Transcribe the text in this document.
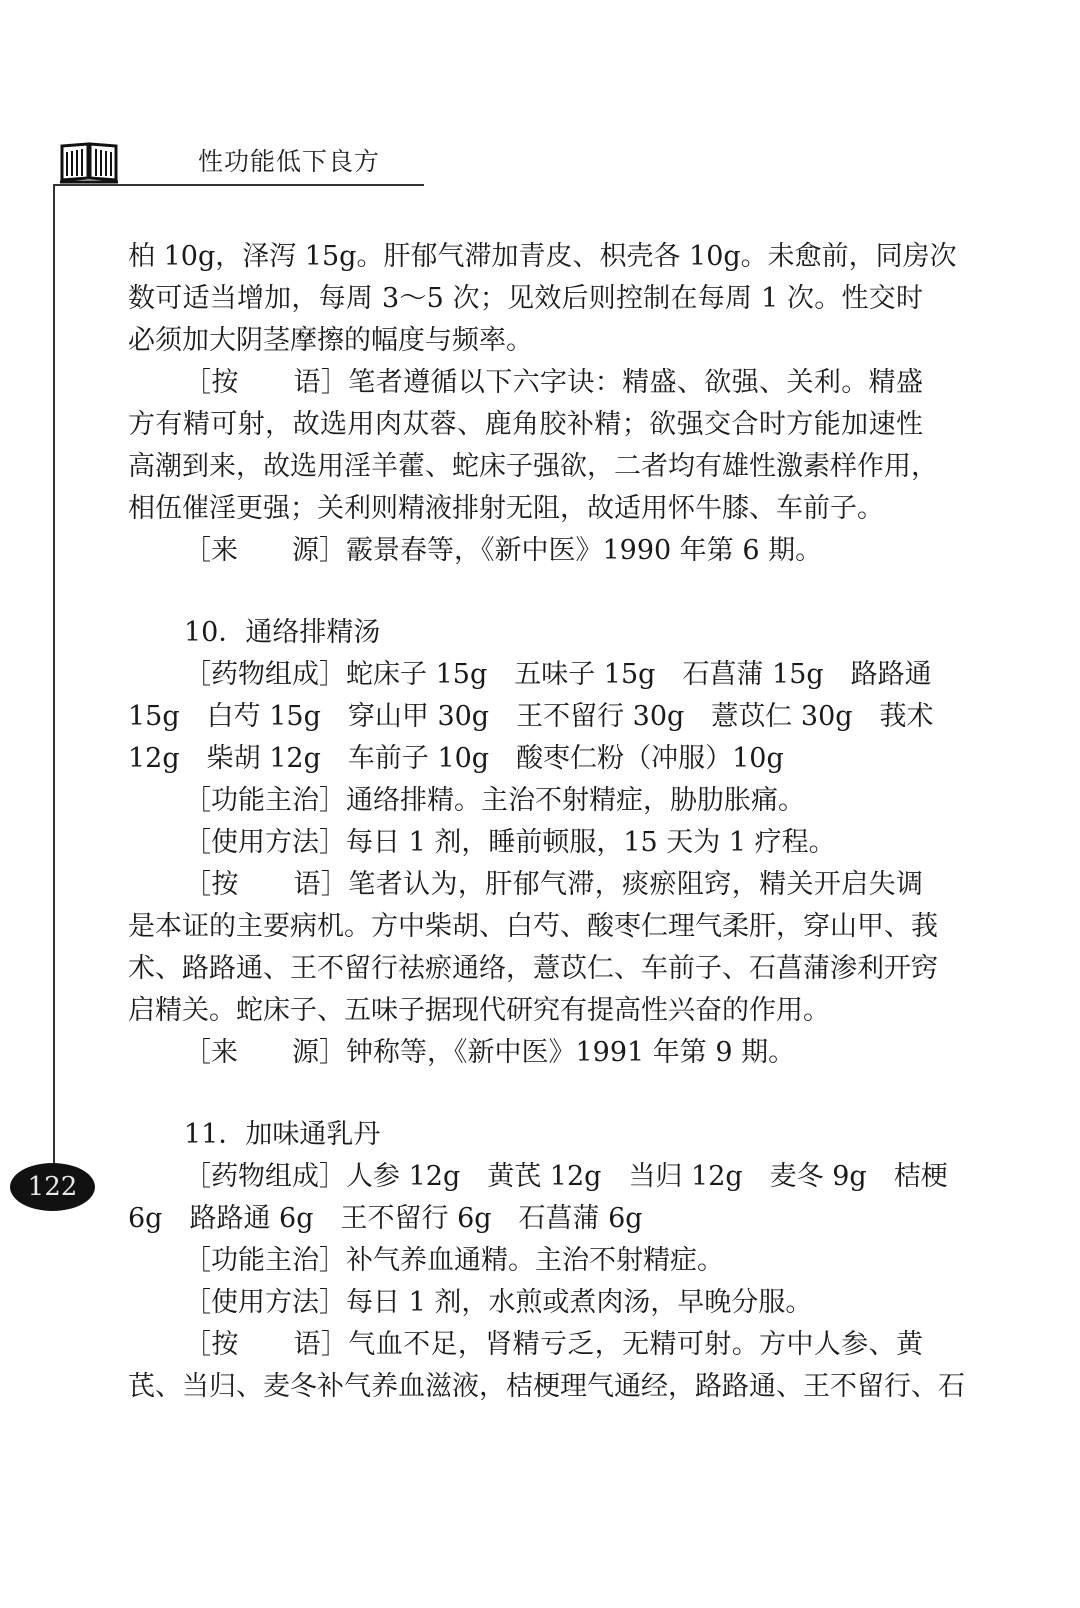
性功能低下良方
122
柏 10g，泽泻 15g。肝郁气滞加青皮、枳壳各 10g。未愈前，同房次
数可适当增加，每周 3～5 次；见效后则控制在每周 1 次。性交时
必须加大阴茎摩擦的幅度与频率。
［按　　语］笔者遵循以下六字诀：精盛、欲强、关利。精盛
方有精可射，故选用肉苁蓉、鹿角胶补精；欲强交合时方能加速性
高潮到来，故选用淫羊藿、蛇床子强欲，二者均有雄性激素样作用，
相伍催淫更强；关利则精液排射无阻，故适用怀牛膝、车前子。
［来　　源］霰景春等，《新中医》1990 年第 6 期。
10．通络排精汤
［药物组成］蛇床子 15g　五味子 15g　石菖蒲 15g　路路通
15g　白芍 15g　穿山甲 30g　王不留行 30g　薏苡仁 30g　莪术
12g　柴胡 12g　车前子 10g　酸枣仁粉（冲服）10g
［功能主治］通络排精。主治不射精症，胁肋胀痛。
［使用方法］每日 1 剂，睡前顿服，15 天为 1 疗程。
［按　　语］笔者认为，肝郁气滞，痰瘀阻窍，精关开启失调
是本证的主要病机。方中柴胡、白芍、酸枣仁理气柔肝，穿山甲、莪
术、路路通、王不留行祛瘀通络，薏苡仁、车前子、石菖蒲渗利开窍
启精关。蛇床子、五味子据现代研究有提高性兴奋的作用。
［来　　源］钟称等，《新中医》1991 年第 9 期。
11．加味通乳丹
［药物组成］人参 12g　黄芪 12g　当归 12g　麦冬 9g　桔梗
6g　路路通 6g　王不留行 6g　石菖蒲 6g
［功能主治］补气养血通精。主治不射精症。
［使用方法］每日 1 剂，水煎或煮肉汤，早晚分服。
［按　　语］气血不足，肾精亏乏，无精可射。方中人参、黄
芪、当归、麦冬补气养血滋液，桔梗理气通经，路路通、王不留行、石
